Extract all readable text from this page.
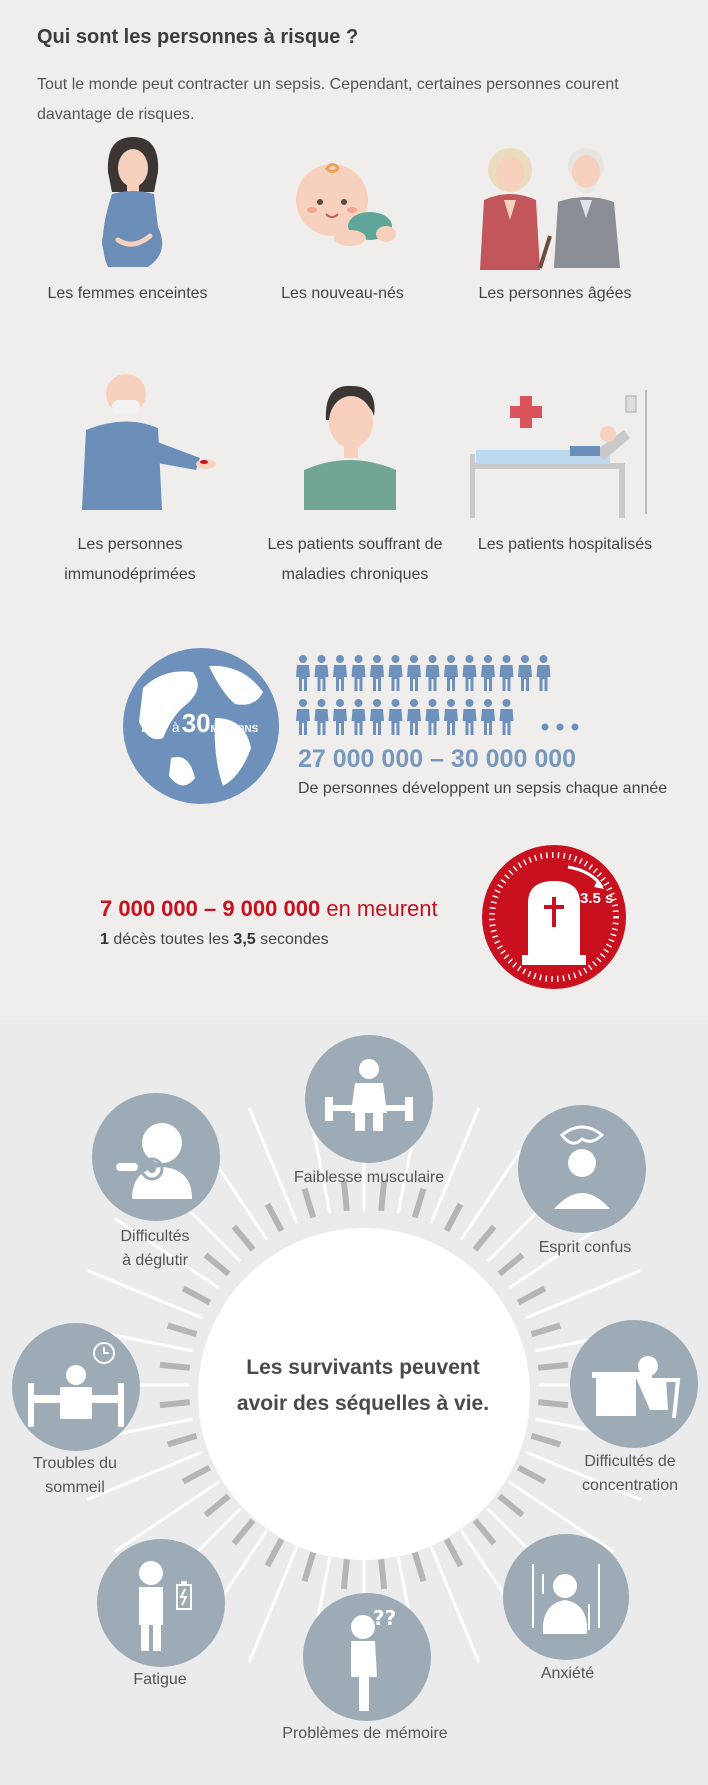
Qui sont les personnes à risque ?
Tout le monde peut contracter un sepsis. Cependant, certaines personnes courent davantage de risques.
Les femmes enceintes	Les nouveau-nés	Les personnes âgées
Les personnes
immunodéprimées
Les patients souffrant de
maladies chroniques
Les patients hospitalisés
27 à30MILLIONS
27 000 000 – 30 000 000
De personnes développent un sepsis chaque année
7 000 000 – 9 000 000 en meurent
1 décès toutes les 3,5 secondes
3.5 s
Les survivants peuvent
avoir des séquelles à vie.
Faiblesse musculaire
Esprit confus
Difficultés de
concentration
Anxiété
??
Problèmes de mémoire
Fatigue
Troubles du
sommeil
Difficultés
à déglutir
